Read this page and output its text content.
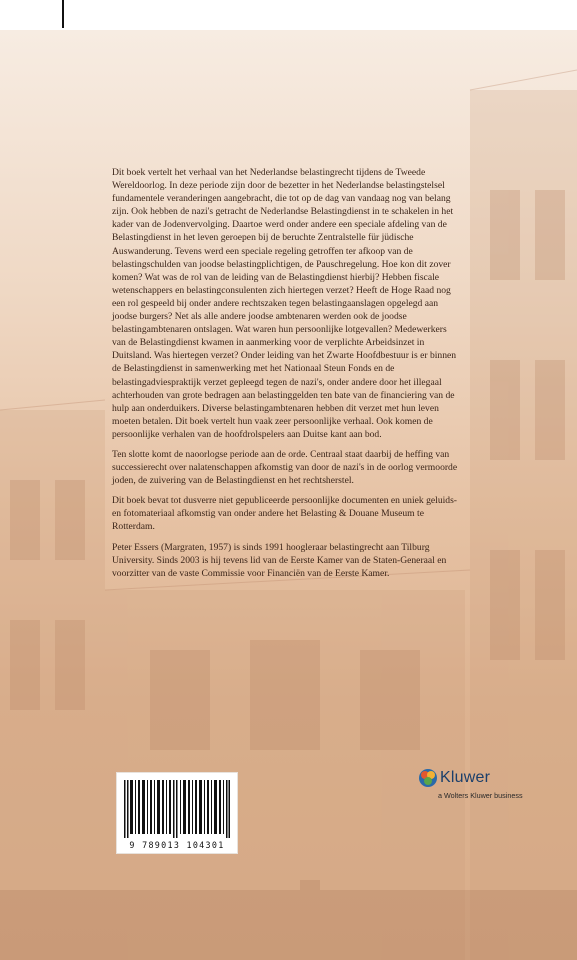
Dit boek vertelt het verhaal van het Nederlandse belastingrecht tijdens de Tweede Wereldoorlog. In deze periode zijn door de bezetter in het Nederlandse belastingstelsel fundamentele veranderingen aangebracht, die tot op de dag van vandaag nog van belang zijn. Ook hebben de nazi's getracht de Nederlandse Belastingdienst in te schakelen in het kader van de Jodenvervolging. Daartoe werd onder andere een speciale afdeling van de Belastingdienst in het leven geroepen bij de beruchte Zentralstelle für jüdische Auswanderung. Tevens werd een speciale regeling getroffen ter afkoop van de belastingschulden van joodse belastingplichtigen, de Pauschregelung. Hoe kon dit zover komen? Wat was de rol van de leiding van de Belastingdienst hierbij? Hebben fiscale wetenschappers en belastingconsulenten zich hiertegen verzet? Heeft de Hoge Raad nog een rol gespeeld bij onder andere rechtszaken tegen belastingaanslagen opgelegd aan joodse burgers? Net als alle andere joodse ambtenaren werden ook de joodse belastingambtenaren ontslagen. Wat waren hun persoonlijke lotgevallen? Medewerkers van de Belastingdienst kwamen in aanmerking voor de verplichte Arbeidsinzet in Duitsland. Was hiertegen verzet? Onder leiding van het Zwarte Hoofdbestuur is er binnen de Belastingdienst in samenwerking met het Nationaal Steun Fonds en de belastingadviespraktijk verzet gepleegd tegen de nazi's, onder andere door het illegaal achterhouden van grote bedragen aan belastinggelden ten bate van de financiering van de hulp aan onderduikers. Diverse belastingambtenaren hebben dit verzet met hun leven moeten betalen. Dit boek vertelt hun vaak zeer persoonlijke verhaal. Ook komen de persoonlijke verhalen van de hoofdrolspelers aan Duitse kant aan bod.

Ten slotte komt de naoorlogse periode aan de orde. Centraal staat daarbij de heffing van successierecht over nalatenschappen afkomstig van door de nazi's in de oorlog vermoorde joden, de zuivering van de Belastingdienst en het rechtsherstel.

Dit boek bevat tot dusverre niet gepubliceerde persoonlijke documenten en uniek geluids- en fotomateriaal afkomstig van onder andere het Belasting & Douane Museum te Rotterdam.

Peter Essers (Margraten, 1957) is sinds 1991 hoogleraar belastingrecht aan Tilburg University. Sinds 2003 is hij tevens lid van de Eerste Kamer van de Staten-Generaal en voorzitter van de vaste Commissie voor Financiën van de Eerste Kamer.

9 789013 104301
Kluwer
a Wolters Kluwer business
